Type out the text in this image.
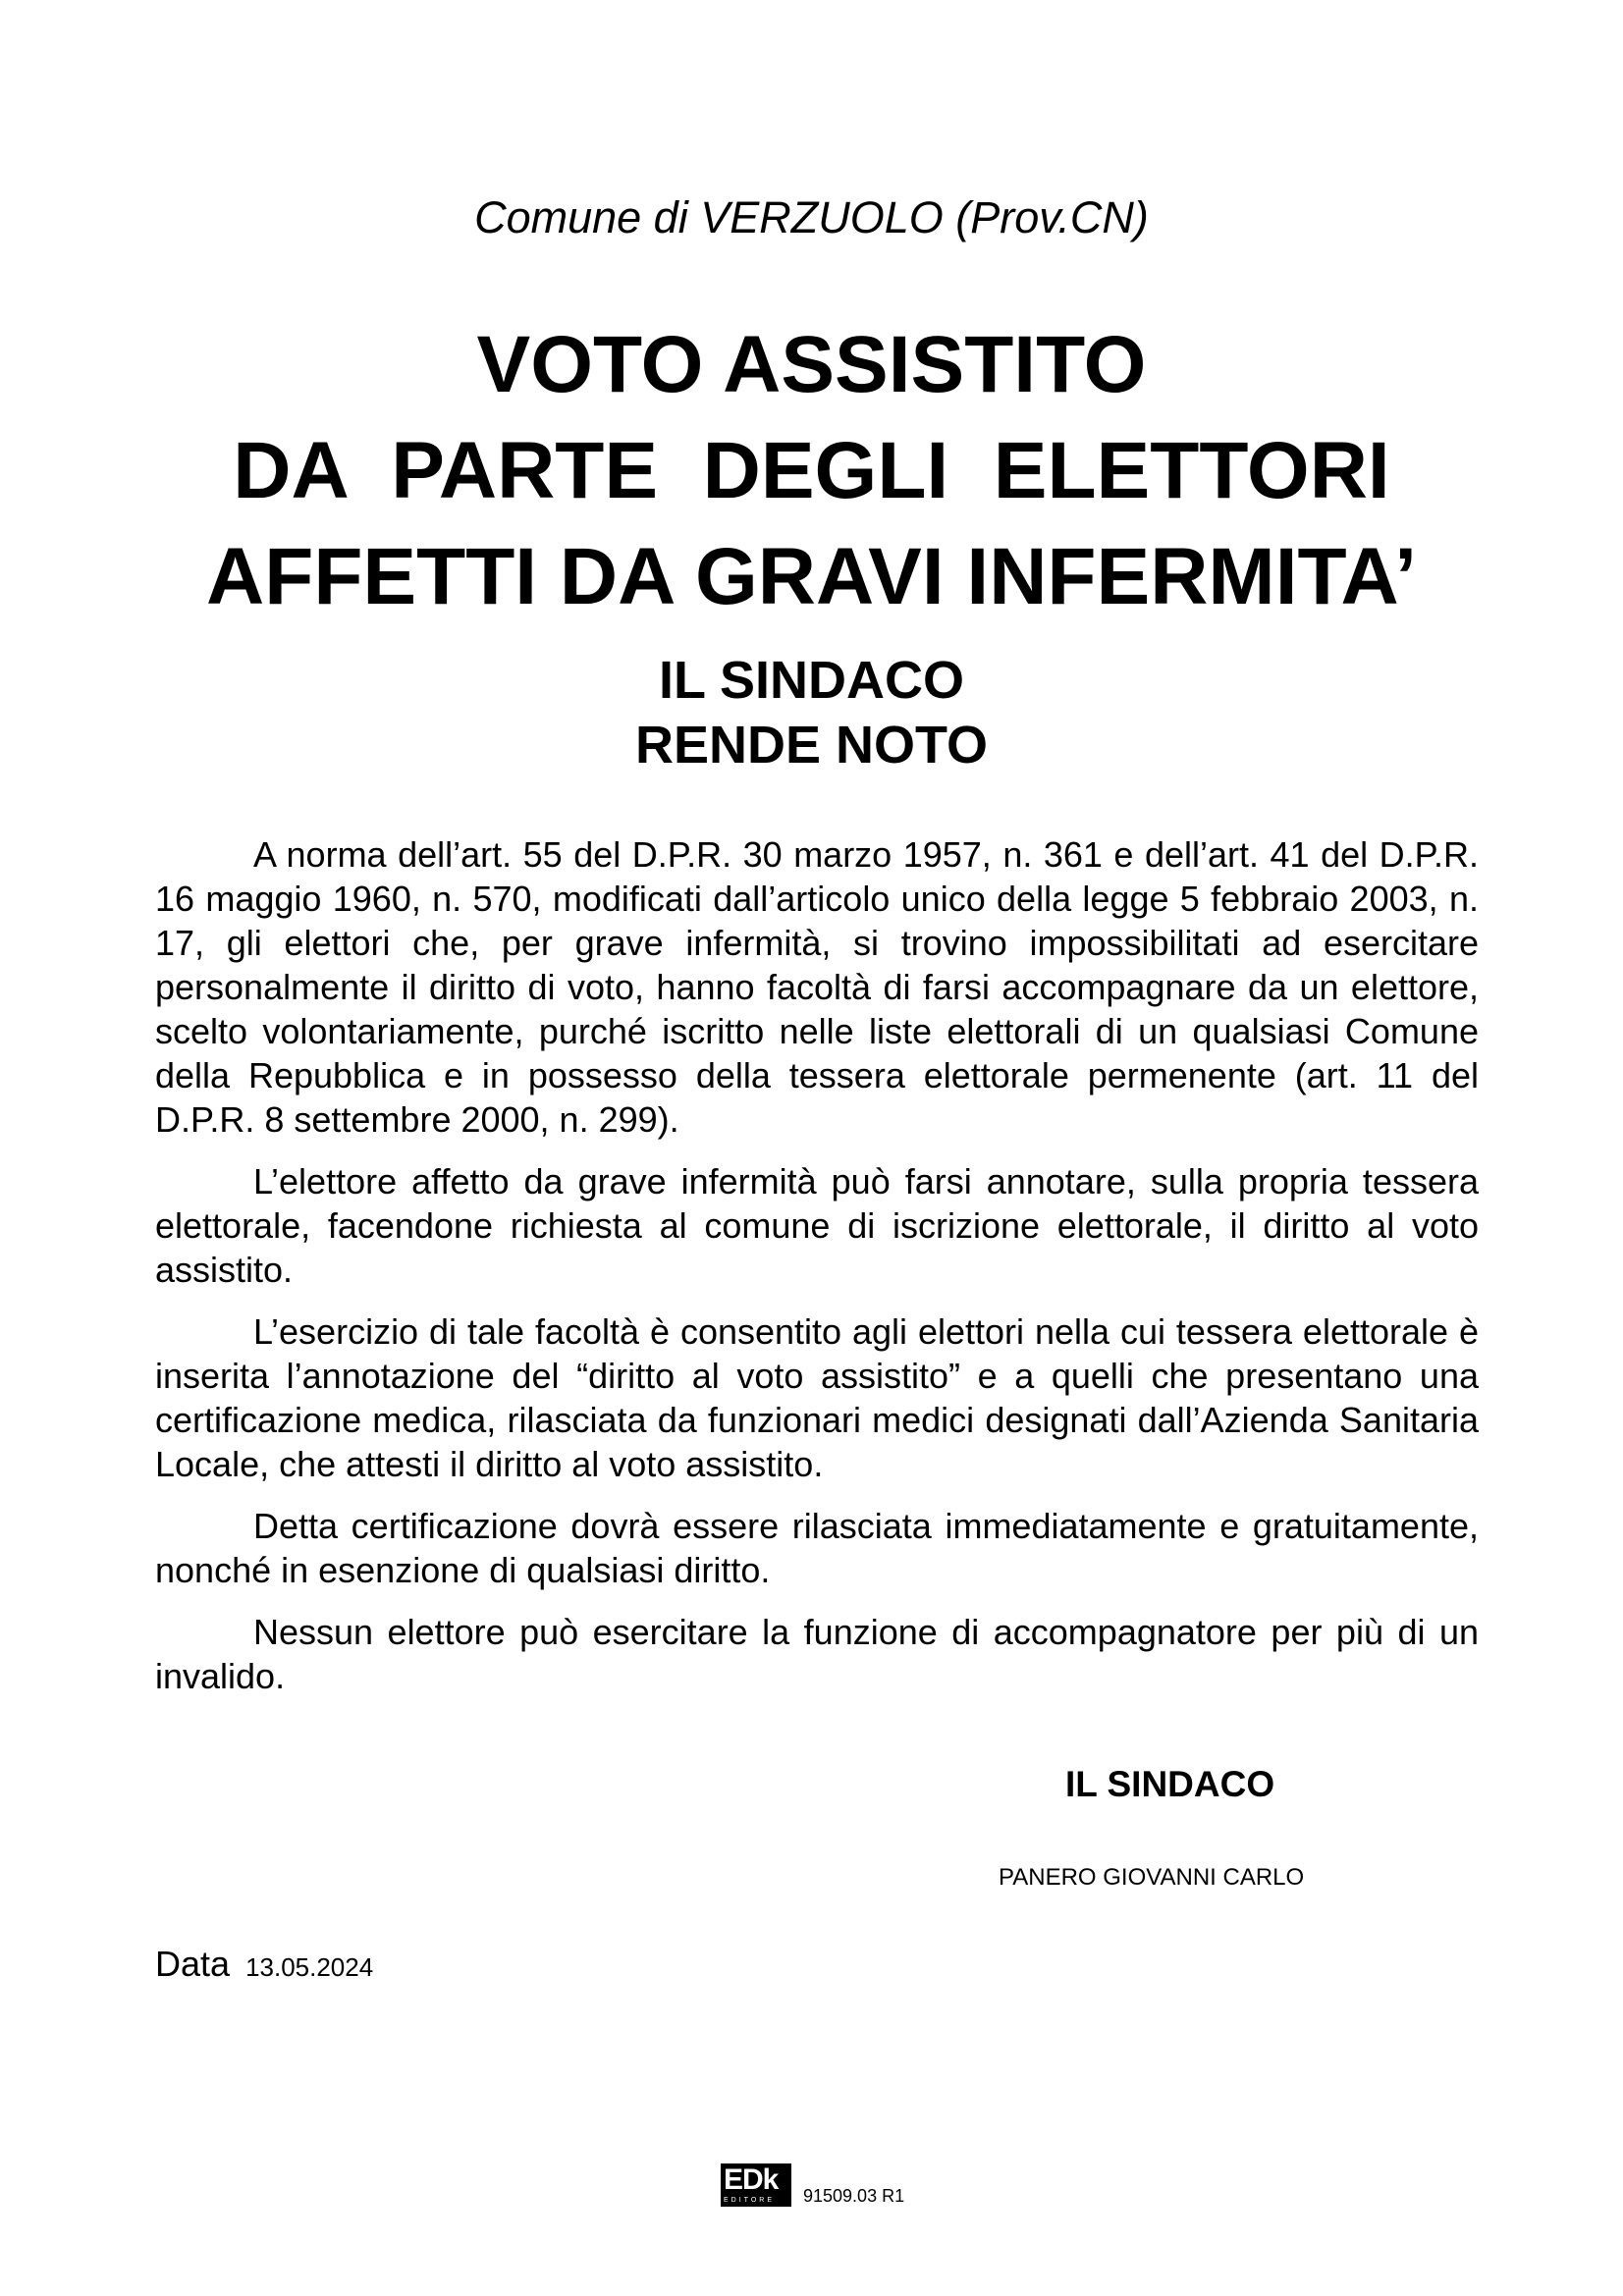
Comune di VERZUOLO (Prov.CN)
VOTO ASSISTITO
DA  PARTE  DEGLI  ELETTORI
AFFETTI DA GRAVI INFERMITA’
IL SINDACO
RENDE NOTO

A norma dell’art. 55 del D.P.R. 30 marzo 1957, n. 361 e dell’art. 41 del D.P.R. 16 maggio 1960, n. 570, modificati dall’articolo unico della legge 5 febbraio 2003, n. 17, gli elettori che, per grave infermità, si trovino impossibilitati ad esercitare personalmente il diritto di voto, hanno facoltà di farsi accompagnare da un elettore, scelto volontariamente, purché iscritto nelle liste elettorali di un qualsiasi Comune della Repubblica e in possesso della tessera elettorale permenente (art. 11 del D.P.R. 8 settembre 2000, n. 299).

L’elettore affetto da grave infermità può farsi annotare, sulla propria tessera elettorale, facendone richiesta al comune di iscrizione elettorale, il diritto al voto assistito.

L’esercizio di tale facoltà è consentito agli elettori nella cui tessera elettorale è inserita l’annotazione del “diritto al voto assistito” e a quelli che presentano una certificazione medica, rilasciata da funzionari medici designati dall’Azienda Sanitaria Locale, che attesti il diritto al voto assistito.

Detta certificazione dovrà essere rilasciata immediatamente e gratuitamente, nonché in esenzione di qualsiasi diritto.

Nessun elettore può esercitare la funzione di accompagnatore per più di un invalido.

IL SINDACO
PANERO GIOVANNI CARLO
Data 13.05.2024
EDk
EDITORE 91509.03 R1
